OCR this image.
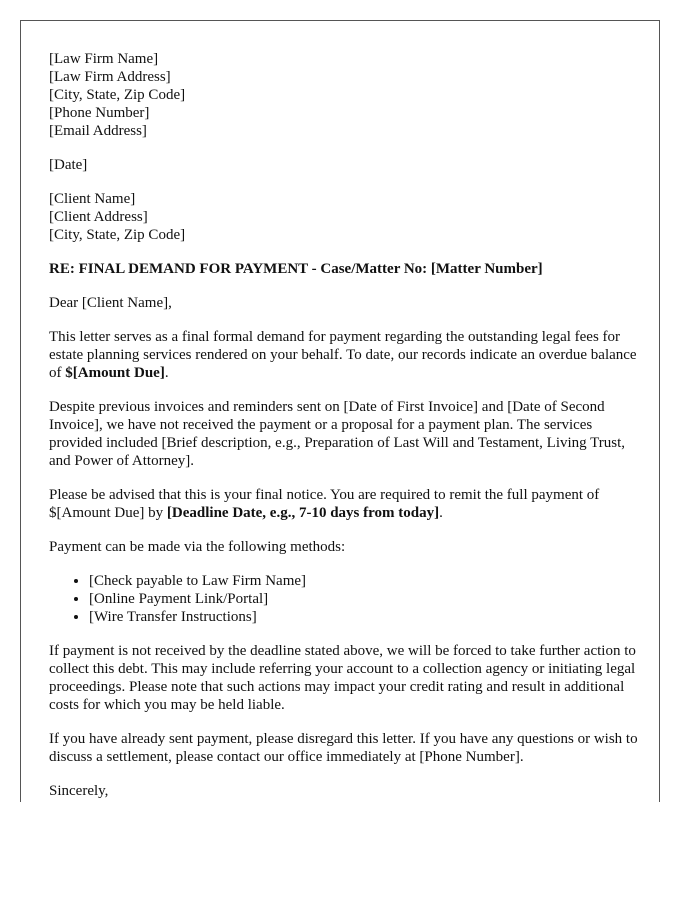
[Law Firm Name]

[Law Firm Address]

[City, State, Zip Code]

[Phone Number]

[Email Address]

[Date]

[Client Name]

[Client Address]

[City, State, Zip Code]

RE: FINAL DEMAND FOR PAYMENT - Case/Matter No: [Matter Number]

Dear [Client Name],

This letter serves as a final formal demand for payment regarding the outstanding legal fees for estate planning services rendered on your behalf. To date, our records indicate an overdue balance of $[Amount Due].

Despite previous invoices and reminders sent on [Date of First Invoice] and [Date of Second Invoice], we have not received the payment or a proposal for a payment plan. The services provided included [Brief description, e.g., Preparation of Last Will and Testament, Living Trust, and Power of Attorney].

Please be advised that this is your final notice. You are required to remit the full payment of $[Amount Due] by [Deadline Date, e.g., 7-10 days from today].

Payment can be made via the following methods:

• [Check payable to Law Firm Name]
• [Online Payment Link/Portal]
• [Wire Transfer Instructions]

If payment is not received by the deadline stated above, we will be forced to take further action to collect this debt. This may include referring your account to a collection agency or initiating legal proceedings. Please note that such actions may impact your credit rating and result in additional costs for which you may be held liable.

If you have already sent payment, please disregard this letter. If you have any questions or wish to discuss a settlement, please contact our office immediately at [Phone Number].

Sincerely,
